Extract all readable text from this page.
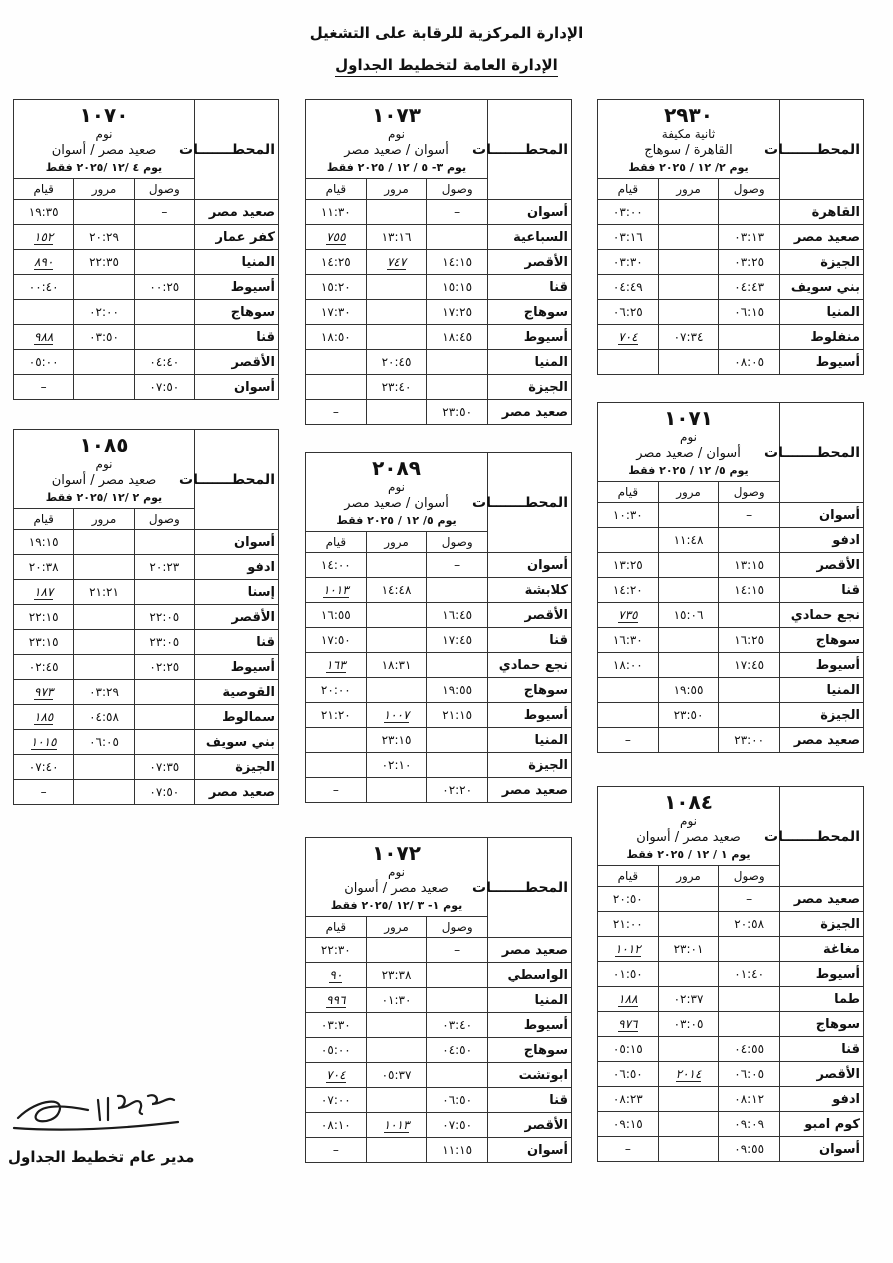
الإدارة المركزية للرقابة على التشغيل
الإدارة العامة لتخطيط الجداول
المحطـــــــات	٢٩٣٠
ثانية مكيفة
القاهرة / سوهاج
يوم ٢/ ١٢ / ٢٠٢٥ فقط		

	وصول	مرور	قيام
القاهرة			٠٣:٠٠
صعيد مصر	٠٣:١٣		٠٣:١٦
الجيزة	٠٣:٢٥		٠٣:٣٠
بني سويف	٠٤:٤٣		٠٤:٤٩
المنيا	٠٦:١٥		٠٦:٢٥
منفلوط		٠٧:٣٤	٧٠٤
أسيوط	٠٨:٠٥		
المحطـــــــات	١٠٧٣
نوم
أسوان / صعيد مصر
يوم ٣- ٥ / ١٢ / ٢٠٢٥ فقط		

	وصول	مرور	قيام
أسوان	–		١١:٣٠
السباعية		١٣:١٦	٧٥٥
الأقصر	١٤:١٥	٧٤٧	١٤:٢٥
قنا	١٥:١٥		١٥:٢٠
سوهاج	١٧:٢٥		١٧:٣٠
أسيوط	١٨:٤٥		١٨:٥٠
المنيا		٢٠:٤٥	
الجيزة		٢٣:٤٠	
صعيد مصر	٢٣:٥٠		–
المحطـــــــات	١٠٧٠
نوم
صعيد مصر / أسوان
يوم ٤ /١٢ /٢٠٢٥ فقط		

	وصول	مرور	قيام
صعيد مصر	–		١٩:٣٥
كفر عمار		٢٠:٢٩	١٥٢
المنيا		٢٢:٣٥	٨٩٠
أسيوط	٠٠:٢٥		٠٠:٤٠
سوهاج		٠٢:٠٠	
قنا		٠٣:٥٠	٩٨٨
الأقصر	٠٤:٤٠		٠٥:٠٠
أسوان	٠٧:٥٠		–
المحطـــــــات	١٠٧١
نوم
أسوان / صعيد مصر
يوم ٥/ ١٢ / ٢٠٢٥ فقط		

	وصول	مرور	قيام
أسوان	–		١٠:٣٠
ادفو		١١:٤٨	
الأقصر	١٣:١٥		١٣:٢٥
قنا	١٤:١٥		١٤:٢٠
نجع حمادي		١٥:٠٦	٧٣٥
سوهاج	١٦:٢٥		١٦:٣٠
أسيوط	١٧:٤٥		١٨:٠٠
المنيا		١٩:٥٥	
الجيزة		٢٣:٥٠	
صعيد مصر	٢٣:٠٠		–
المحطـــــــات	١٠٨٥
نوم
صعيد مصر / أسوان
يوم ٢ /١٢ /٢٠٢٥ فقط		

	وصول	مرور	قيام
أسوان			١٩:١٥
ادفو	٢٠:٢٣		٢٠:٣٨
إسنا		٢١:٢١	١٨٧
الأقصر	٢٢:٠٥		٢٢:١٥
قنا	٢٣:٠٥		٢٣:١٥
أسيوط	٠٢:٢٥		٠٢:٤٥
القوصية		٠٣:٢٩	٩٧٣
سمالوط		٠٤:٥٨	١٨٥
بني سويف		٠٦:٠٥	١٠١٥
الجيزة	٠٧:٣٥		٠٧:٤٠
صعيد مصر	٠٧:٥٠		–
المحطـــــــات	٢٠٨٩
نوم
أسوان / صعيد مصر
يوم ٥/ ١٢ / ٢٠٢٥ فقط		

	وصول	مرور	قيام
أسوان	–		١٤:٠٠
كلابشة		١٤:٤٨	١٠١٣
الأقصر	١٦:٤٥		١٦:٥٥
قنا	١٧:٤٥		١٧:٥٠
نجع حمادي		١٨:٣١	١٦٣
سوهاج	١٩:٥٥		٢٠:٠٠
أسيوط	٢١:١٥	١٠٠٧	٢١:٢٠
المنيا		٢٣:١٥	
الجيزة		٠٢:١٠	
صعيد مصر	٠٢:٢٠		–
المحطـــــــات	١٠٨٤
نوم
صعيد مصر / أسوان
يوم ١ / ١٢ / ٢٠٢٥ فقط		

	وصول	مرور	قيام
صعيد مصر	–		٢٠:٥٠
الجيزة	٢٠:٥٨		٢١:٠٠
مغاغة		٢٣:٠١	١٠١٢
أسيوط	٠١:٤٠		٠١:٥٠
طما		٠٢:٣٧	١٨٨
سوهاج		٠٣:٠٥	٩٧٦
قنا	٠٤:٥٥		٠٥:١٥
الأقصر	٠٦:٠٥	٢٠١٤	٠٦:٥٠
ادفو	٠٨:١٢		٠٨:٢٣
كوم امبو	٠٩:٠٩		٠٩:١٥
أسوان	٠٩:٥٥		–
المحطـــــــات	١٠٧٢
نوم
صعيد مصر / أسوان
يوم ١- ٣ /١٢ /٢٠٢٥ فقط		

	وصول	مرور	قيام
صعيد مصر	–		٢٢:٣٠
الواسطي		٢٣:٣٨	٩٠
المنيا		٠١:٣٠	٩٩٦
أسيوط	٠٣:٤٠		٠٣:٣٠
سوهاج	٠٤:٥٠		٠٥:٠٠
ابوتشت		٠٥:٣٧	٧٠٤
قنا	٠٦:٥٠		٠٧:٠٠
الأقصر	٠٧:٥٠	١٠١٣	٠٨:١٠
أسوان	١١:١٥		–
مدير عام تخطيط الجداول
